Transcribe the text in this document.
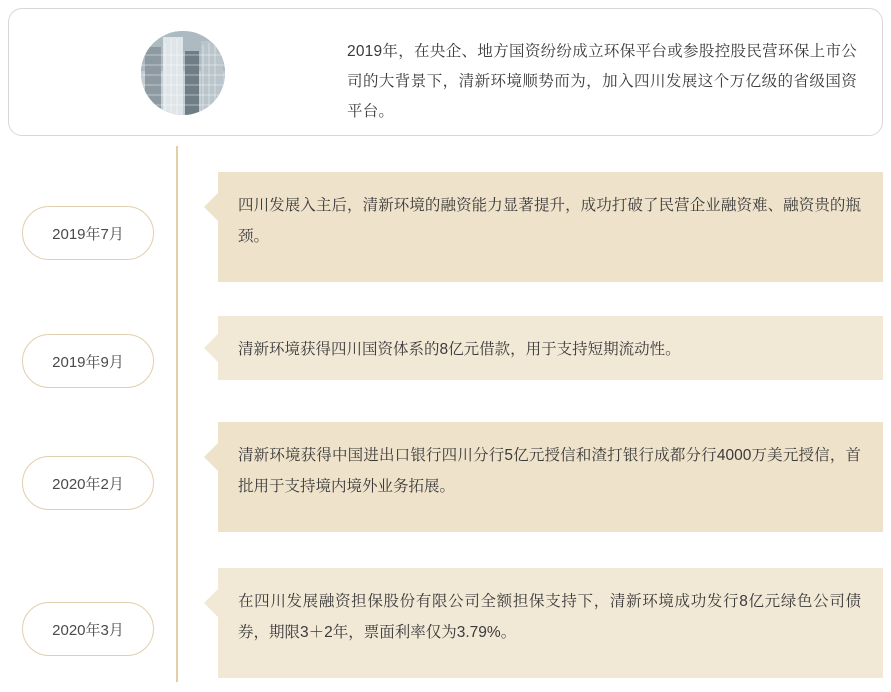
2019年，在央企、地方国资纷纷成立环保平台或参股控股民营环保上市公司的大背景下，清新环境顺势而为，加入四川发展这个万亿级的省级国资平台。
2019年7月
四川发展入主后，清新环境的融资能力显著提升，成功打破了民营企业融资难、融资贵的瓶颈。
2019年9月
清新环境获得四川国资体系的8亿元借款，用于支持短期流动性。
2020年2月
清新环境获得中国进出口银行四川分行5亿元授信和渣打银行成都分行4000万美元授信，首批用于支持境内境外业务拓展。
2020年3月
在四川发展融资担保股份有限公司全额担保支持下，清新环境成功发行8亿元绿色公司债券，期限3＋2年，票面利率仅为3.79%。
